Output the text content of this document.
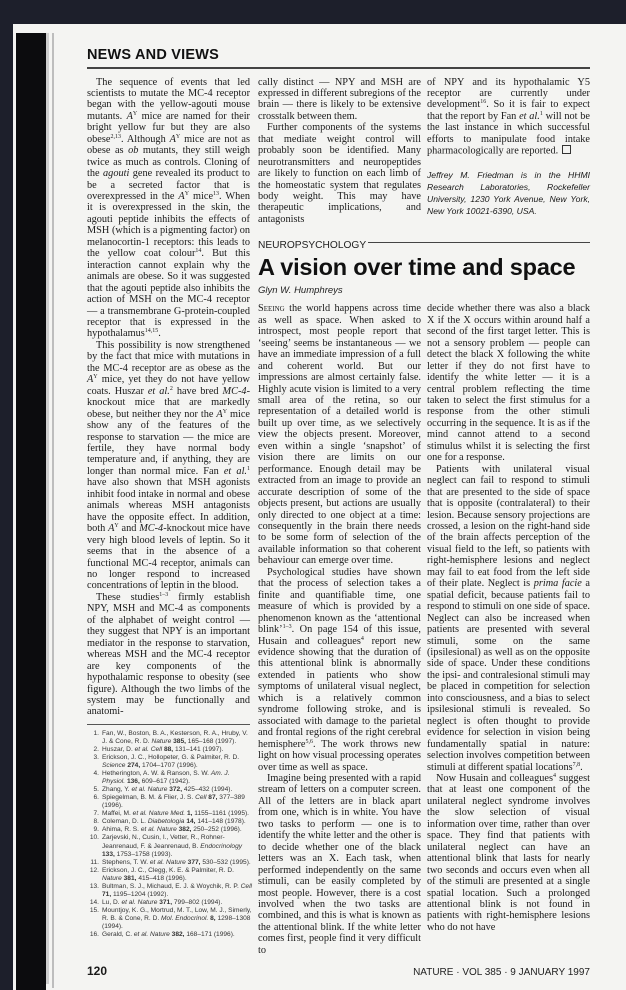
NEWS AND VIEWS

The sequence of events that led scientists to mutate the MC-4 receptor began with the yellow-agouti mouse mutants. $A^Y$ mice are named for their bright yellow fur but they are also obese$^{2,13}$. Although $A^Y$ mice are not as obese as ob mutants, they still weigh twice as much as controls. Cloning of the agouti gene revealed its product to be a secreted factor that is overexpressed in the $A^Y$ mice$^{13}$. When it is overexpressed in the skin, the agouti peptide inhibits the effects of MSH (which is a pigmenting factor) on melanocortin-1 receptors: this leads to the yellow coat colour$^{14}$. But this interaction cannot explain why the animals are obese. So it was suggested that the agouti peptide also inhibits the action of MSH on the MC-4 receptor — a transmembrane G-protein-coupled receptor that is expressed in the hypothalamus$^{14,15}$.

This possibility is now strengthened by the fact that mice with mutations in the MC-4 receptor are as obese as the $A^Y$ mice, yet they do not have yellow coats. Huszar et al.$^2$ have bred MC-4-knockout mice that are markedly obese, but neither they nor the $A^Y$ mice show any of the features of the response to starvation — the mice are fertile, they have normal body temperature and, if anything, they are longer than normal mice. Fan et al.$^1$ have also shown that MSH agonists inhibit food intake in normal and obese animals whereas MSH antagonists have the opposite effect. In addition, both $A^Y$ and MC-4-knockout mice have very high blood levels of leptin. So it seems that in the absence of a functional MC-4 receptor, animals can no longer respond to increased concentrations of leptin in the blood.

These studies$^{1-3}$ firmly establish NPY, MSH and MC-4 as components of the alphabet of weight control — they suggest that NPY is an important mediator in the response to starvation, whereas MSH and the MC-4 receptor are key components of the hypothalamic response to obesity (see figure). Although the two limbs of the system may be functionally and anatomi-

1. Fan, W., Boston, B. A., Kesterson, R. A., Hruby, V. J. & Cone, R. D. Nature 385, 165–168 (1997).
2. Huszar, D. et al. Cell 88, 131–141 (1997).
3. Erickson, J. C., Hollopeter, G. & Palmiter, R. D. Science 274, 1704–1707 (1996).
4. Hetherington, A. W. & Ranson, S. W. Am. J. Physiol. 136, 609–617 (1942).
5. Zhang, Y. et al. Nature 372, 425–432 (1994).
6. Spiegelman, B. M. & Flier, J. S. Cell 87, 377–389 (1996).
7. Maffei, M. et al. Nature Med. 1, 1155–1161 (1995).
8. Coleman, D. L. Diabetologia 14, 141–148 (1978).
9. Ahima, R. S. et al. Nature 382, 250–252 (1996).
10. Zarjevski, N., Cusin, I., Vetter, R., Rohner-Jeanrenaud, F. & Jeanrenaud, B. Endocrinology 133, 1753–1758 (1993).
11. Stephens, T. W. et al. Nature 377, 530–532 (1995).
12. Erickson, J. C., Clegg, K. E. & Palmiter, R. D. Nature 381, 415–418 (1996).
13. Bultman, S. J., Michaud, E. J. & Woychik, R. P. Cell 71, 1195–1204 (1992).
14. Lu, D. et al. Nature 371, 799–802 (1994).
15. Mountjoy, K. G., Mortrud, M. T., Low, M. J., Simerly, R. B. & Cone, R. D. Mol. Endocrinol. 8, 1298–1308 (1994).
16. Gerald, C. et al. Nature 382, 168–171 (1996).

cally distinct — NPY and MSH are expressed in different subregions of the brain — there is likely to be extensive crosstalk between them.

Further components of the systems that mediate weight control will probably soon be identified. Many neurotransmitters and neuropeptides are likely to function on each limb of the homeostatic system that regulates body weight. This may have therapeutic implications, and antagonists

of NPY and its hypothalamic Y5 receptor are currently under development$^{16}$. So it is fair to expect that the report by Fan et al.$^1$ will not be the last instance in which successful efforts to manipulate food intake pharmacologically are reported.

Jeffrey M. Friedman is in the HHMI Research Laboratories, Rockefeller University, 1230 York Avenue, New York, New York 10021-6390, USA.
NEUROPSYCHOLOGY
A vision over time and space
Glyn W. Humphreys

Seeing the world happens across time as well as space. When asked to introspect, most people report that ‘seeing’ seems be instantaneous — we have an immediate impression of a full and coherent world. But our impressions are almost certainly false. Highly acute vision is limited to a very small area of the retina, so our representation of a detailed world is built up over time, as we selectively view the objects present. Moreover, even within a single ‘snapshot’ of vision there are limits on our performance. Enough detail may be extracted from an image to provide an accurate description of some of the objects present, but actions are usually only directed to one object at a time: consequently in the brain there needs to be some form of selection of the available information so that coherent behaviour can emerge over time.

Psychological studies have shown that the process of selection takes a finite and quantifiable time, one measure of which is provided by a phenomenon known as the ‘attentional blink’$^{1-3}$. On page 154 of this issue, Husain and colleagues$^4$ report new evidence showing that the duration of this attentional blink is abnormally extended in patients who show symptoms of unilateral visual neglect, which is a relatively common syndrome following stroke, and is associated with damage to the parietal and frontal regions of the right cerebral hemisphere$^{5,6}$. The work throws new light on how visual processing operates over time as well as space.

Imagine being presented with a rapid stream of letters on a computer screen. All of the letters are in black apart from one, which is in white. You have two tasks to perform — one is to identify the white letter and the other is to decide whether one of the black letters was an X. Each task, when performed independently on the same stimuli, can be easily completed by most people. However, there is a cost involved when the two tasks are combined, and this is what is known as the attentional blink. If the white letter comes first, people find it very difficult to

decide whether there was also a black X if the X occurs within around half a second of the first target letter. This is not a sensory problem — people can detect the black X following the white letter if they do not first have to identify the white letter — it is a central problem reflecting the time taken to select the first stimulus for a response from the other stimuli occurring in the sequence. It is as if the mind cannot attend to a second stimulus whilst it is selecting the first one for a response.

Patients with unilateral visual neglect can fail to respond to stimuli that are presented to the side of space that is opposite (contralateral) to their lesion. Because sensory projections are crossed, a lesion on the right-hand side of the brain affects perception of the visual field to the left, so patients with right-hemisphere lesions and neglect may fail to eat food from the left side of their plate. Neglect is prima facie a spatial deficit, because patients fail to respond to stimuli on one side of space. Neglect can also be increased when patients are presented with several stimuli, some on the same (ipsilesional) as well as on the opposite side of space. Under these conditions the ipsi- and contralesional stimuli may be placed in competition for selection into consciousness, and a bias to select ipsilesional stimuli is revealed. So neglect is often thought to provide evidence for selection in vision being fundamentally spatial in nature: selection involves competition between stimuli at different spatial locations$^{7,8}$.

Now Husain and colleagues$^4$ suggest that at least one component of the unilateral neglect syndrome involves the slow selection of visual information over time, rather than over space. They find that patients with unilateral neglect can have an attentional blink that lasts for nearly two seconds and occurs even when all of the stimuli are presented at a single spatial location. Such a prolonged attentional blink is not found in patients with right-hemisphere lesions who do not have

120	NATURE · VOL 385 · 9 JANUARY 1997
